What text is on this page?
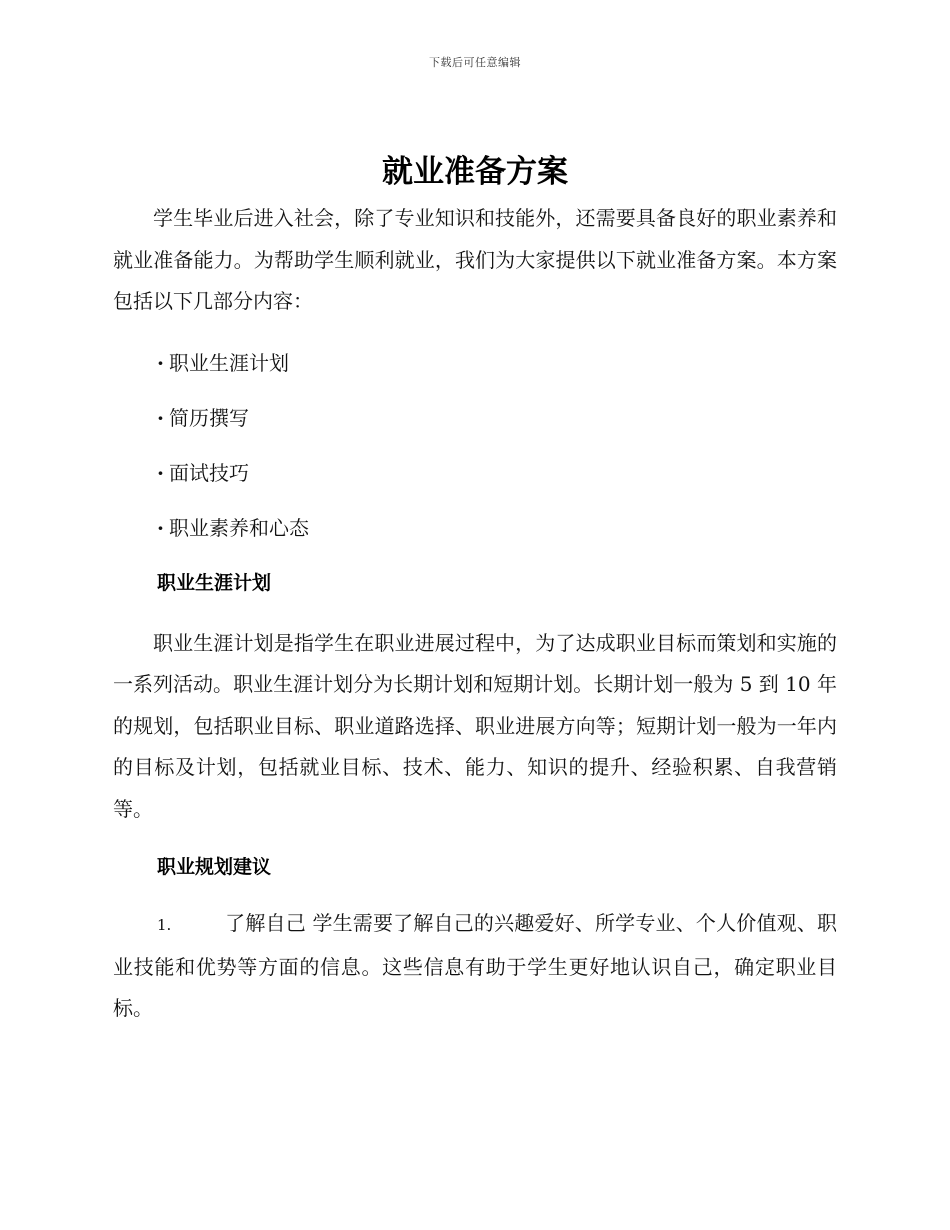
下载后可任意编辑
就业准备方案

学生毕业后进入社会，除了专业知识和技能外，还需要具备良好的职业素养和就业准备能力。为帮助学生顺利就业，我们为大家提供以下就业准备方案。本方案包括以下几部分内容：

· 职业生涯计划
· 简历撰写
· 面试技巧
· 职业素养和心态
职业生涯计划

职业生涯计划是指学生在职业进展过程中，为了达成职业目标而策划和实施的一系列活动。职业生涯计划分为长期计划和短期计划。长期计划一般为 5 到 10 年的规划，包括职业目标、职业道路选择、职业进展方向等；短期计划一般为一年内的目标及计划，包括就业目标、技术、能力、知识的提升、经验积累、自我营销等。

职业规划建议

1.	了解自己 学生需要了解自己的兴趣爱好、所学专业、个人价值观、职业技能和优势等方面的信息。这些信息有助于学生更好地认识自己，确定职业目标。
